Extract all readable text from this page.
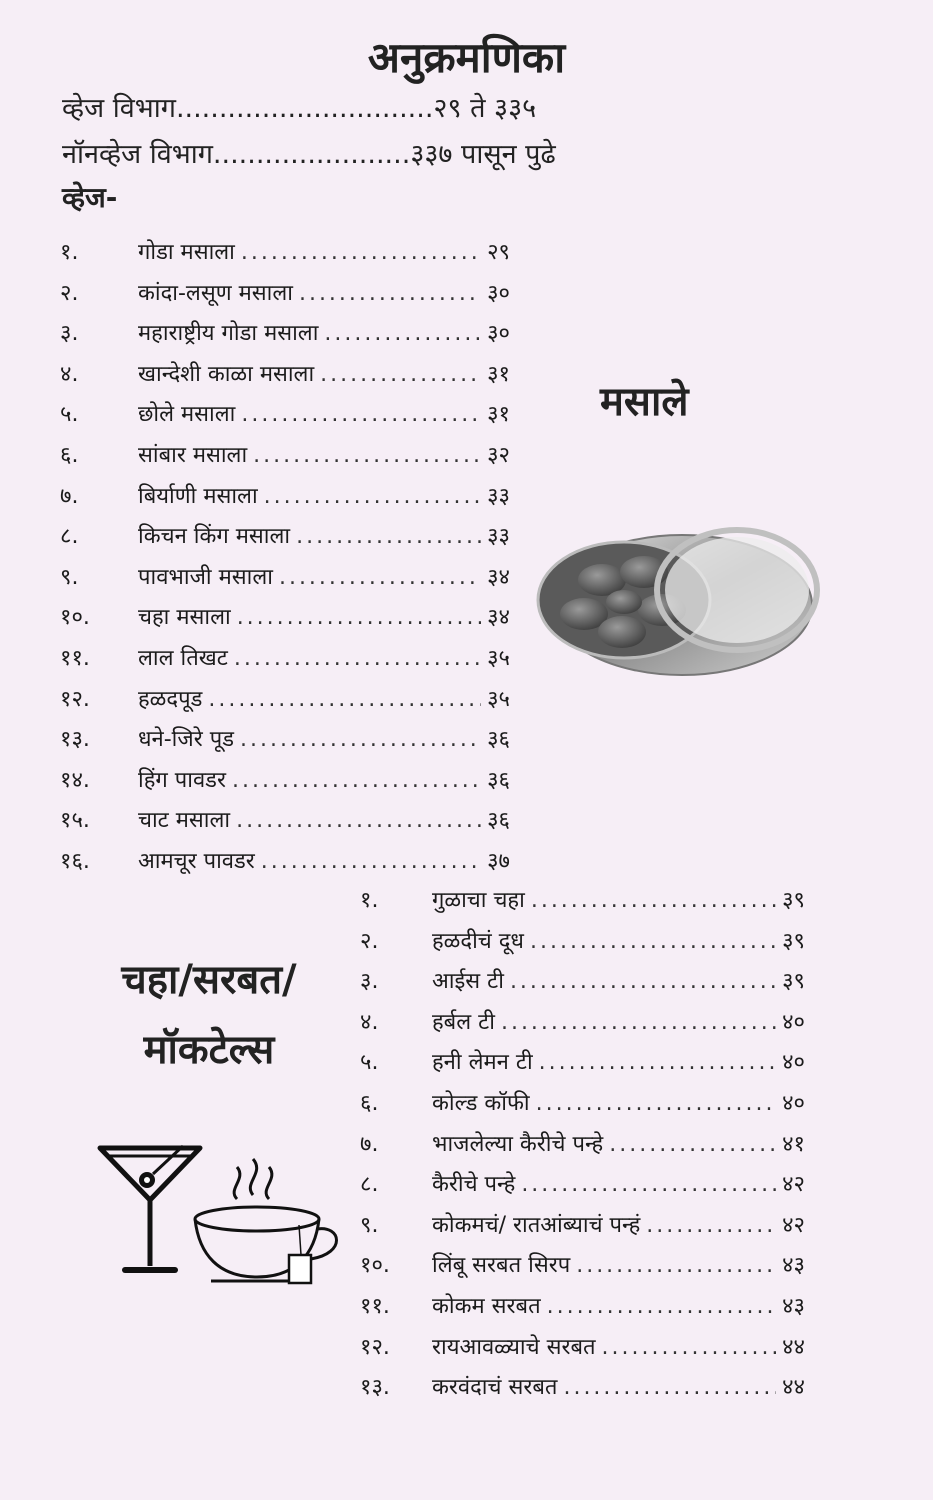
अनुक्रमणिका
व्हेज विभाग..............................२९ ते ३३५
नॉनव्हेज विभाग.......................३३७ पासून पुढे
व्हेज-
१.	गोडा मसाला .....	२९
२.	कांदा-लसूण मसाला .....	३०
३.	महाराष्ट्रीय गोडा मसाला .....	३०
४.	खान्देशी काळा मसाला .....	३१
५.	छोले मसाला .....	३१
६.	सांबार मसाला .....	३२
७.	बिर्याणी मसाला .....	३३
८.	किचन किंग मसाला .....	३३
९.	पावभाजी मसाला .....	३४
१०.	चहा मसाला .....	३४
११.	लाल तिखट .....	३५
१२.	हळदपूड .....	३५
१३.	धने-जिरे पूड .....	३६
१४.	हिंग पावडर .....	३६
१५.	चाट मसाला .....	३६
१६.	आमचूर पावडर .....	३७
मसाले
चहा/सरबत/
मॉकटेल्स
१.	गुळाचा चहा .....	३९
२.	हळदीचं दूध .....	३९
३.	आईस टी .....	३९
४.	हर्बल टी .....	४०
५.	हनी लेमन टी .....	४०
६.	कोल्ड कॉफी .....	४०
७.	भाजलेल्या कैरीचे पन्हे .....	४१
८.	कैरीचे पन्हे .....	४२
९.	कोकमचं/ रातआंब्याचं पन्हं .....	४२
१०.	लिंबू सरबत सिरप .....	४३
११.	कोकम सरबत .....	४३
१२.	रायआवळ्याचे सरबत .....	४४
१३.	करवंदाचं सरबत .....	४४
